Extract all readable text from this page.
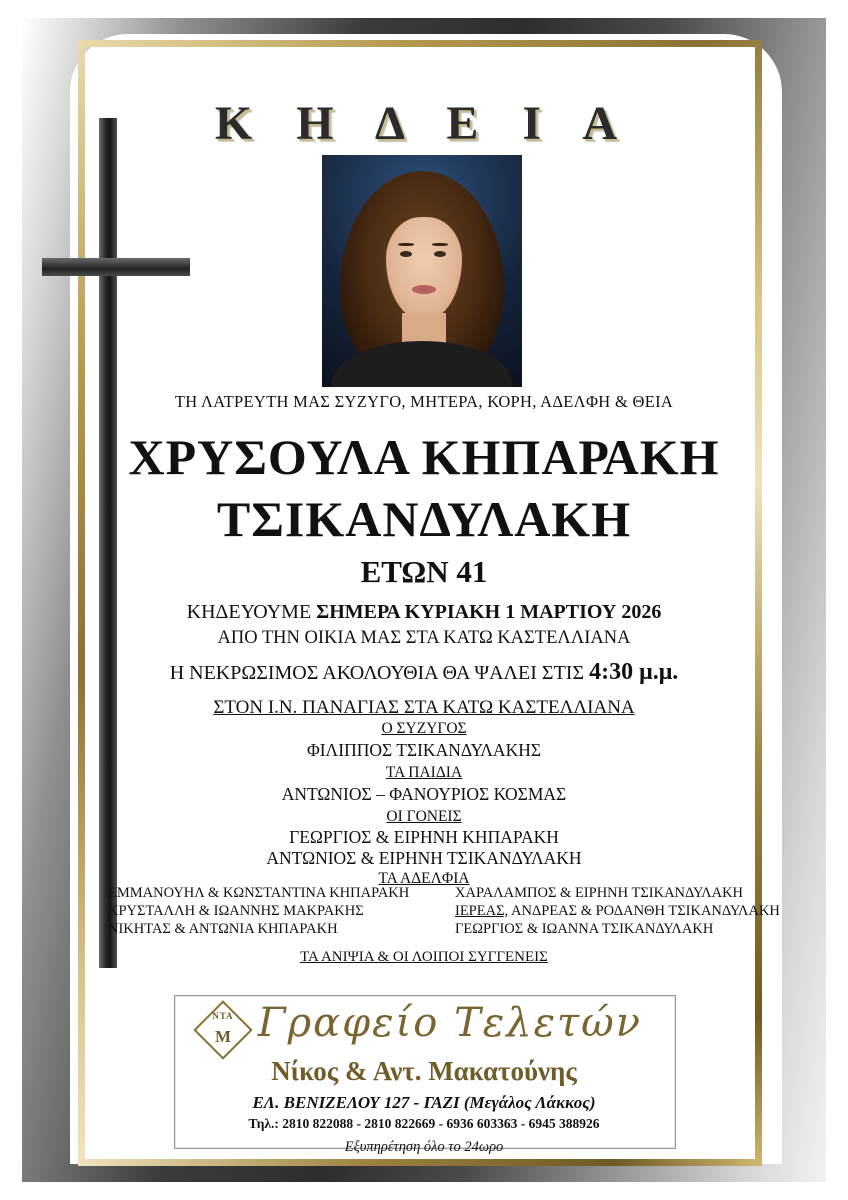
Κ Η Δ Ε Ι Α
ΤΗ ΛΑΤΡΕΥΤΗ ΜΑΣ ΣΥΖΥΓΟ, ΜΗΤΕΡΑ, ΚΟΡΗ, ΑΔΕΛΦΗ & ΘΕΙΑ
ΧΡΥΣΟΥΛΑ ΚΗΠΑΡΑΚΗ
ΤΣΙΚΑΝΔΥΛΑΚΗ
ΕΤΩΝ 41
ΚΗΔΕΥΟΥΜΕ ΣΗΜΕΡΑ ΚΥΡΙΑΚΗ 1 ΜΑΡΤΙΟΥ 2026
ΑΠΟ ΤΗΝ ΟΙΚΙΑ ΜΑΣ ΣΤΑ ΚΑΤΩ ΚΑΣΤΕΛΛΙΑΝΑ
Η ΝΕΚΡΩΣΙΜΟΣ ΑΚΟΛΟΥΘΙΑ ΘΑ ΨΑΛΕΙ ΣΤΙΣ 4:30 μ.μ.
ΣΤΟΝ Ι.Ν. ΠΑΝΑΓΙΑΣ ΣΤΑ ΚΑΤΩ ΚΑΣΤΕΛΛΙΑΝΑ
Ο ΣΥΖΥΓΟΣ
ΦΙΛΙΠΠΟΣ ΤΣΙΚΑΝΔΥΛΑΚΗΣ
ΤΑ ΠΑΙΔΙΑ
ΑΝΤΩΝΙΟΣ – ΦΑΝΟΥΡΙΟΣ ΚΟΣΜΑΣ
ΟΙ ΓΟΝΕΙΣ
ΓΕΩΡΓΙΟΣ & ΕΙΡΗΝΗ ΚΗΠΑΡΑΚΗ
ΑΝΤΩΝΙΟΣ & ΕΙΡΗΝΗ ΤΣΙΚΑΝΔΥΛΑΚΗ
ΤΑ ΑΔΕΛΦΙΑ
ΕΜΜΑΝΟΥΗΛ & ΚΩΝΣΤΑΝΤΙΝΑ ΚΗΠΑΡΑΚΗ	ΧΑΡΑΛΑΜΠΟΣ & ΕΙΡΗΝΗ ΤΣΙΚΑΝΔΥΛΑΚΗ
ΚΡΥΣΤΑΛΛΗ & ΙΩΑΝΝΗΣ ΜΑΚΡΑΚΗΣ	ΙΕΡΕΑΣ, ΑΝΔΡΕΑΣ & ΡΟΔΑΝΘΗ ΤΣΙΚΑΝΔΥΛΑΚΗ
ΝΙΚΗΤΑΣ & ΑΝΤΩΝΙΑ ΚΗΠΑΡΑΚΗ	ΓΕΩΡΓΙΟΣ & ΙΩΑΝΝΑ ΤΣΙΚΑΝΔΥΛΑΚΗ
ΤΑ ΑΝΙΨΙΑ & ΟΙ ΛΟΙΠΟΙ ΣΥΓΓΕΝΕΙΣ
ΝΤΑ
Μ Γραφείο Τελετών
Νίκος & Αντ. Μακατούνης
ΕΛ. ΒΕΝΙΖΕΛΟΥ 127 - ΓΑΖΙ (Μεγάλος Λάκκος)
Τηλ.: 2810 822088 - 2810 822669 - 6936 603363 - 6945 388926
Εξυπηρέτηση όλο το 24ωρο
